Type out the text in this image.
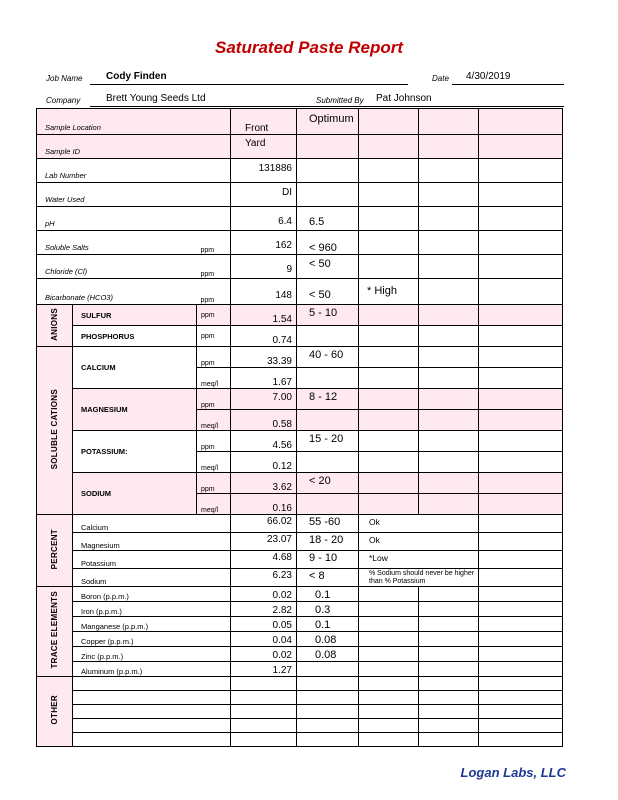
Saturated Paste Report
Job Name Cody Finden	Date 4/30/2019
Company	Brett Young Seeds Ltd	Submitted By Pat Johnson
Sample Location			Front	Optimum			
Sample ID			Yard				
Lab Number			131886				
Water Used			DI				
pH			6.4	6.5			
Soluble Salts		ppm	162	< 960			
Chloride (Cl)		ppm	9	< 50			
Bicarbonate (HCO3)		ppm	148	< 50	* High		
ANIONS	SULFUR	ppm	1.54	5 - 10			
	PHOSPHORUS	ppm	0.74				
SOLUBLE CATIONS	CALCIUM	ppm	33.39	40 - 60			
		meq/l	1.67				
	MAGNESIUM	ppm	7.00	8 - 12			
		meq/l	0.58				
	POTASSIUM:	ppm	4.56	15 - 20			
		meq/l	0.12				
	SODIUM	ppm	3.62	< 20			
		meq/l	0.16				
PERCENT	Calcium		66.02	55 -60	Ok		
	Magnesium		23.07	18 - 20	Ok		
	Potassium		4.68	9 - 10	*Low		
	Sodium		6.23	< 8	% Sodium should never be higher than % Potassium		
TRACE ELEMENTS	Boron (p.p.m.)		0.02	0.1			
	Iron (p.p.m.)		2.82	0.3			
	Manganese (p.p.m.)		0.05	0.1			
	Copper (p.p.m.)		0.04	0.08			
	Zinc (p.p.m.)		0.02	0.08			
	Aluminum (p.p.m.)		1.27				
OTHER							

Logan Labs, LLC
